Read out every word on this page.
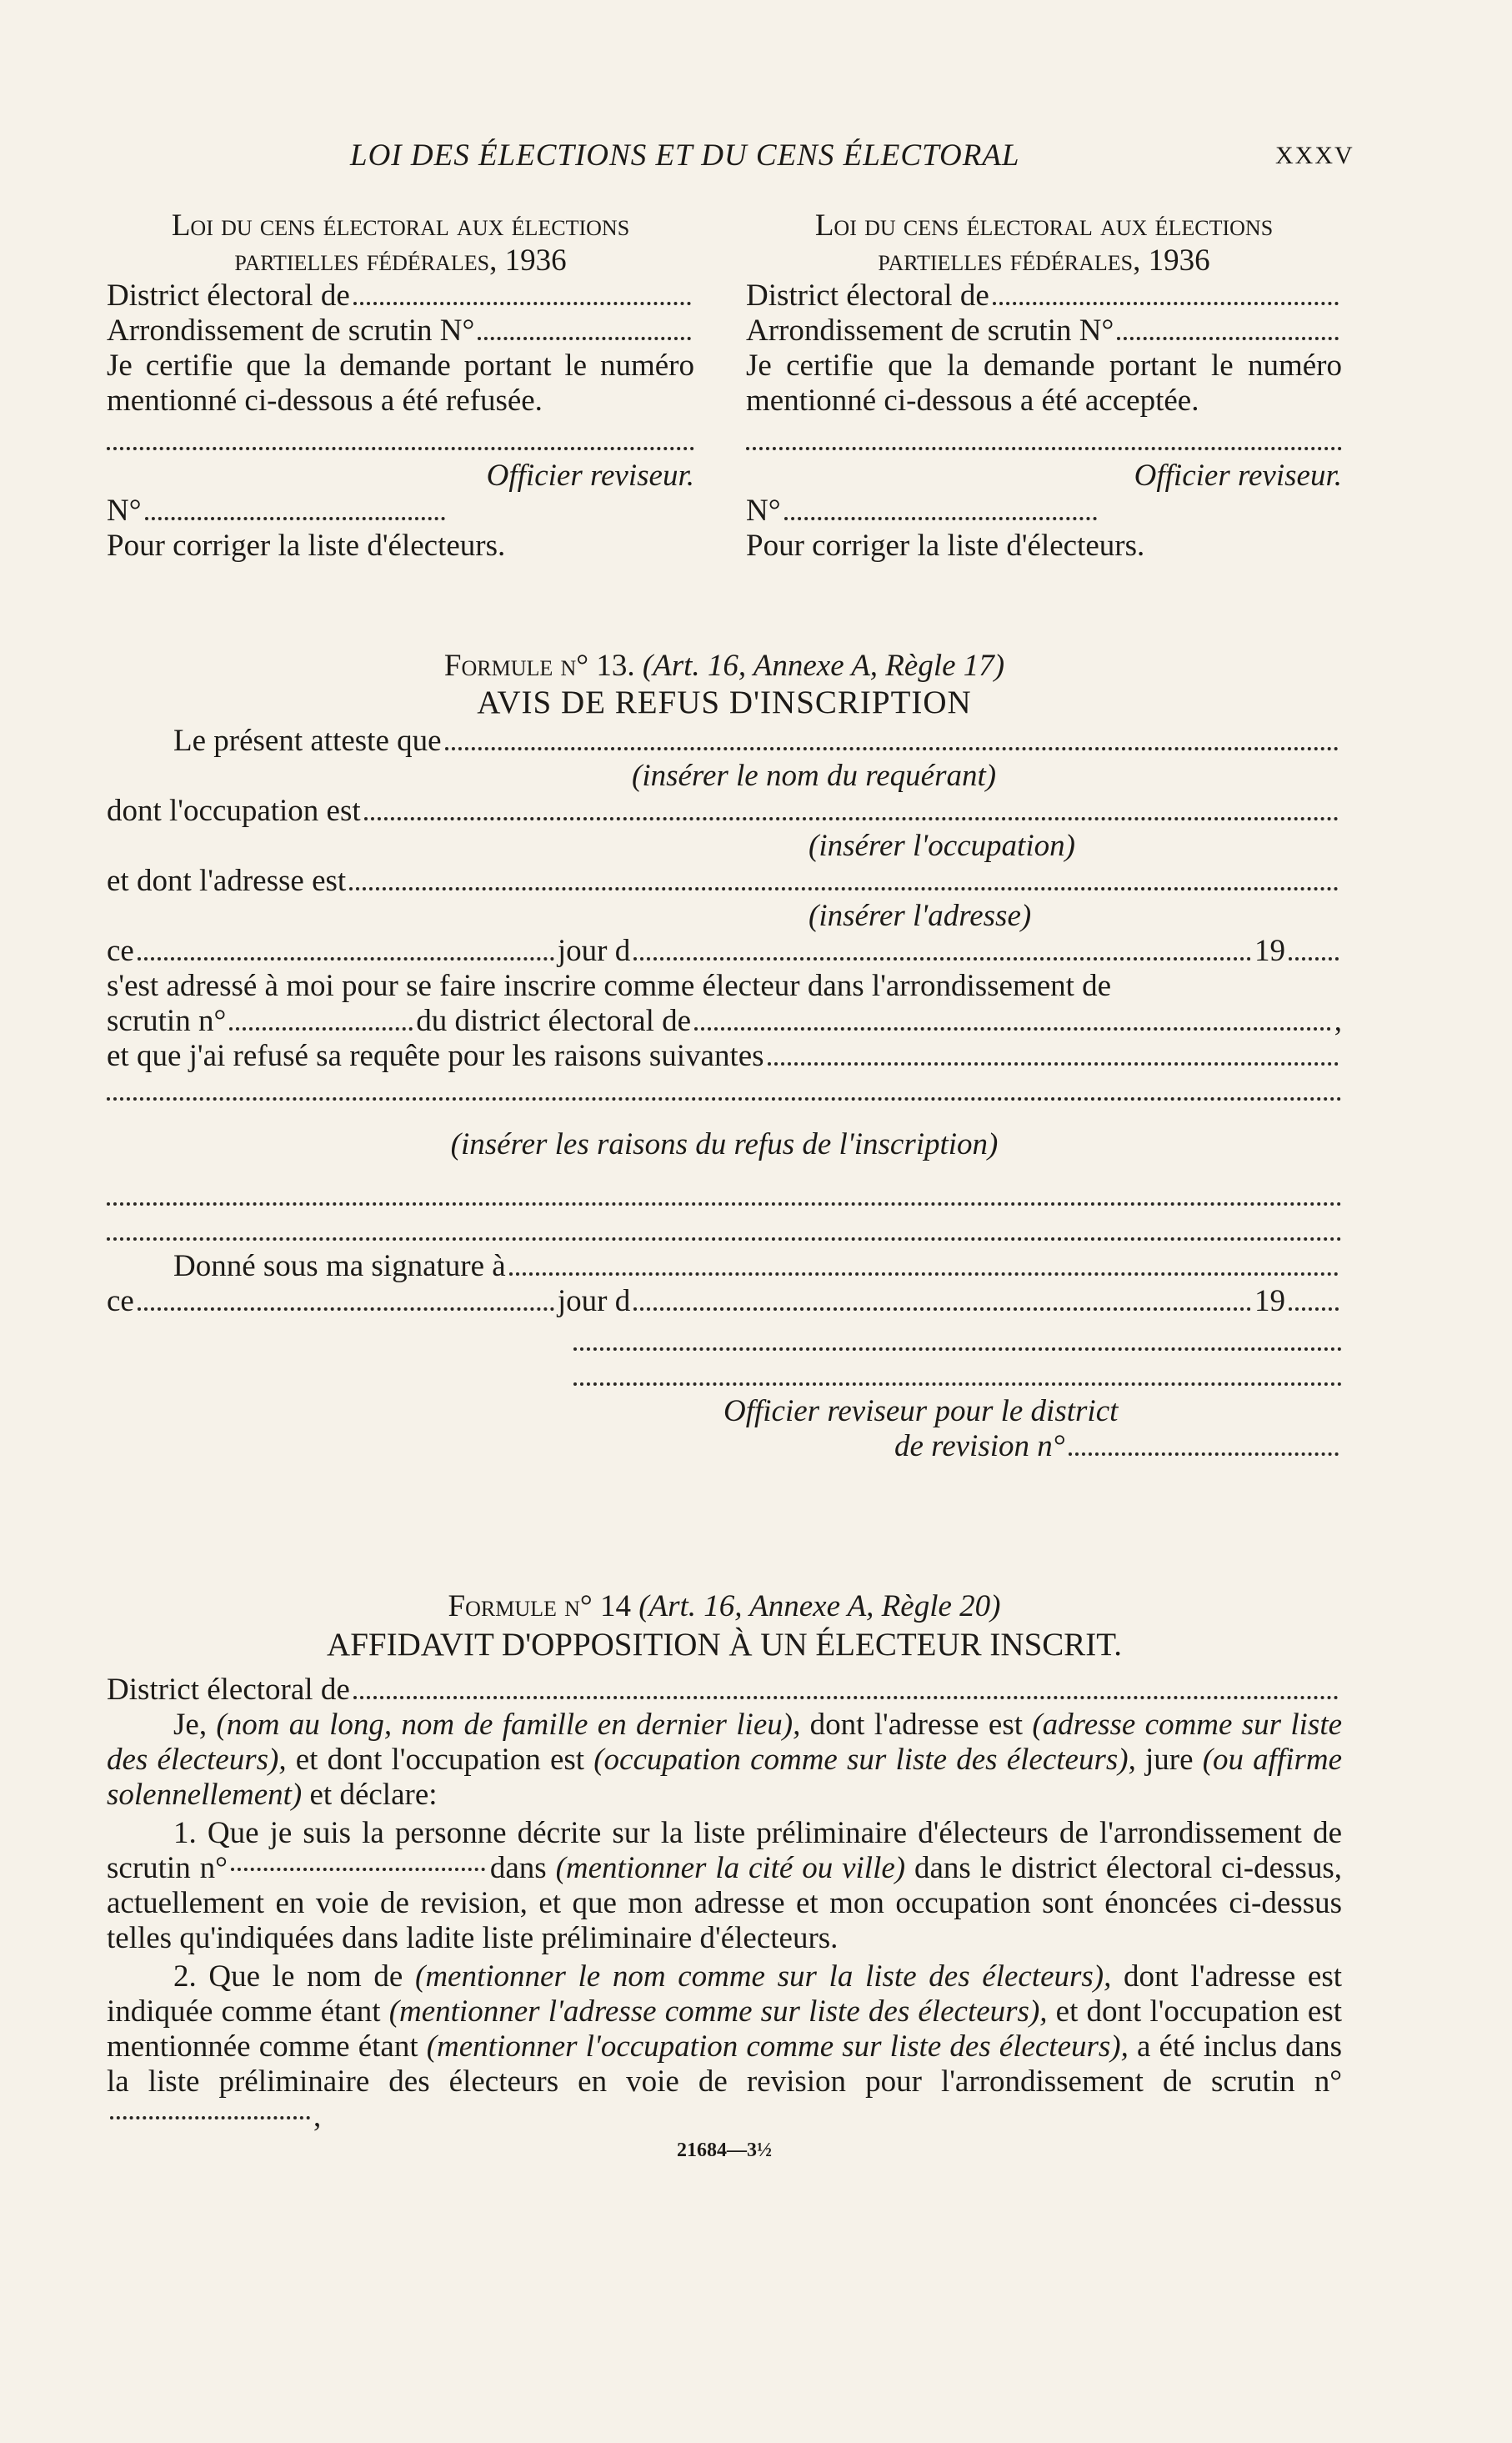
LOI DES ÉLECTIONS ET DU CENS ÉLECTORAL	XXXV
Loi du cens électoral aux élections
partielles fédérales, 1936
District électoral de
Arrondissement de scrutin N°
Je certifie que la demande portant le numéro mentionné ci-dessous a été refusée.
Officier reviseur.
N°
Pour corriger la liste d'électeurs.
Loi du cens électoral aux élections
partielles fédérales, 1936
District électoral de
Arrondissement de scrutin N°
Je certifie que la demande portant le numéro mentionné ci-dessous a été acceptée.
Officier reviseur.
N°
Pour corriger la liste d'électeurs.
Formule n° 13. (Art. 16, Annexe A, Règle 17)
AVIS DE REFUS D'INSCRIPTION
Le présent atteste que
(insérer le nom du requérant)
dont l'occupation est
(insérer l'occupation)
et dont l'adresse est
(insérer l'adresse)
ce	jour d	19
s'est adressé à moi pour se faire inscrire comme électeur dans l'arrondissement de
scrutin n°	du district électoral de	,
et que j'ai refusé sa requête pour les raisons suivantes
(insérer les raisons du refus de l'inscription)
Donné sous ma signature à
ce	jour d	19
Officier reviseur pour le district
de revision n°
Formule n° 14 (Art. 16, Annexe A, Règle 20)
AFFIDAVIT D'OPPOSITION À UN ÉLECTEUR INSCRIT.
District électoral de
Je, (nom au long, nom de famille en dernier lieu), dont l'adresse est (adresse comme sur liste des électeurs), et dont l'occupation est (occupation comme sur liste des électeurs), jure (ou affirme solennellement) et déclare:
1. Que je suis la personne décrite sur la liste préliminaire d'électeurs de l'arrondissement de scrutin n°	dans (mentionner la cité ou ville) dans le district électoral ci-dessus, actuellement en voie de revision, et que mon adresse et mon occupation sont énoncées ci-dessus telles qu'indiquées dans ladite liste préliminaire d'électeurs.
2. Que le nom de (mentionner le nom comme sur la liste des électeurs), dont l'adresse est indiquée comme étant (mentionner l'adresse comme sur liste des électeurs), et dont l'occupation est mentionnée comme étant (mentionner l'occupation comme sur liste des électeurs), a été inclus dans la liste préliminaire des électeurs en voie de revision pour l'arrondissement de scrutin n°,
21684—3½
